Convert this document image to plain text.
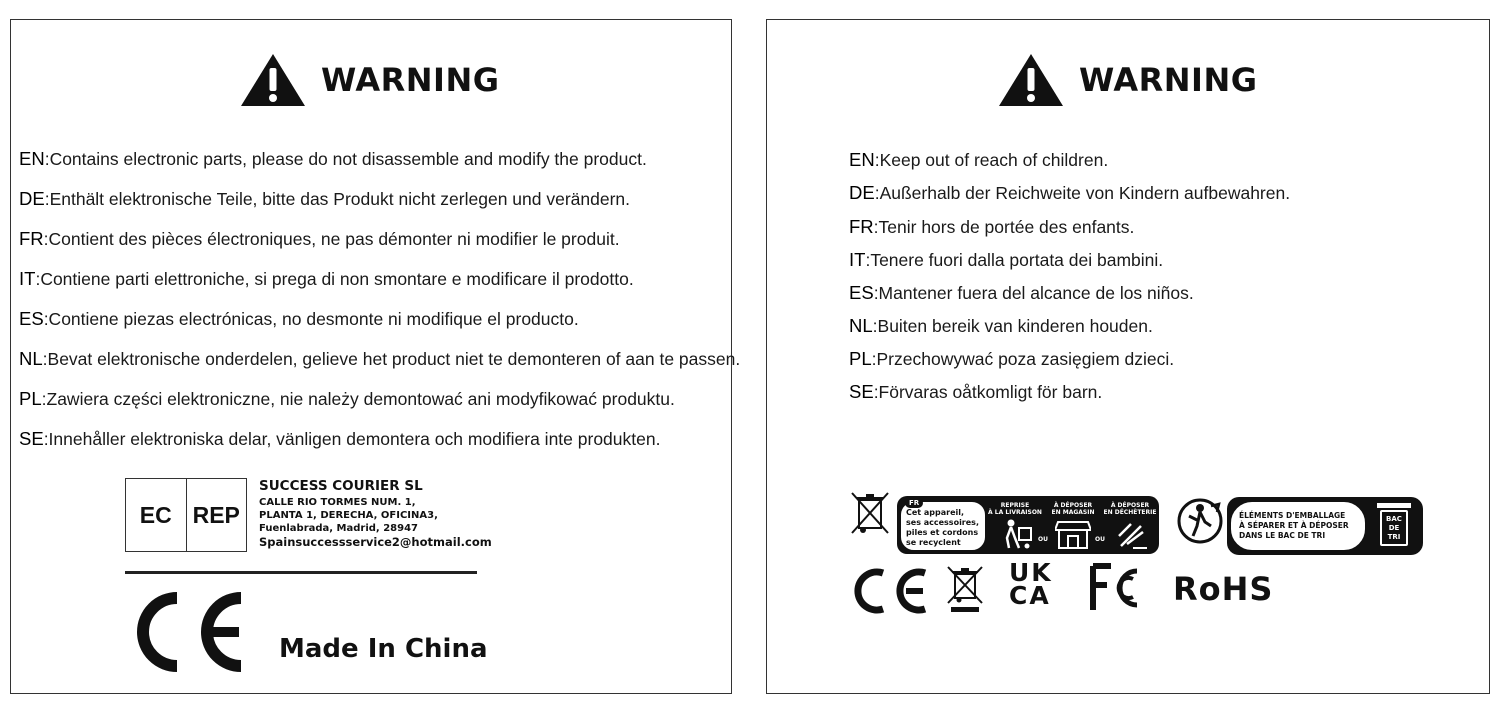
WARNING
EN:Contains electronic parts, please do not disassemble and modify the product.
DE:Enthält elektronische Teile, bitte das Produkt nicht zerlegen und verändern.
FR:Contient des pièces électroniques, ne pas démonter ni modifier le produit.
IT:Contiene parti elettroniche, si prega di non smontare e modificare il prodotto.
ES:Contiene piezas electrónicas, no desmonte ni modifique el producto.
NL:Bevat elektronische onderdelen, gelieve het product niet te demonteren of aan te passen.
PL:Zawiera części elektroniczne, nie należy demontować ani modyfikować produktu.
SE:Innehåller elektroniska delar, vänligen demontera och modifiera inte produkten.
EC REP
SUCCESS COURIER SL
CALLE RIO TORMES NUM. 1,
PLANTA 1, DERECHA, OFICINA3,
Fuenlabrada, Madrid, 28947
Spainsuccessservice2@hotmail.com
Made In China
WARNING
EN:Keep out of reach of children.
DE:Außerhalb der Reichweite von Kindern aufbewahren.
FR:Tenir hors de portée des enfants.
IT:Tenere fuori dalla portata dei bambini.
ES:Mantener fuera del alcance de los niños.
NL:Buiten bereik van kinderen houden.
PL:Przechowywać poza zasięgiem dzieci.
SE:Förvaras oåtkomligt för barn.
FR
Cet appareil,
ses accessoires,
piles et cordons
se recyclent
REPRISE
À LA LIVRAISON
À DÉPOSER
EN MAGASIN
À DÉPOSER
EN DÉCHÈTERIE
OU	OU
ÉLÉMENTS D'EMBALLAGE
À SÉPARER ET À DÉPOSER
DANS LE BAC DE TRI
BAC
DE
TRI
UK
CA	RoHS
